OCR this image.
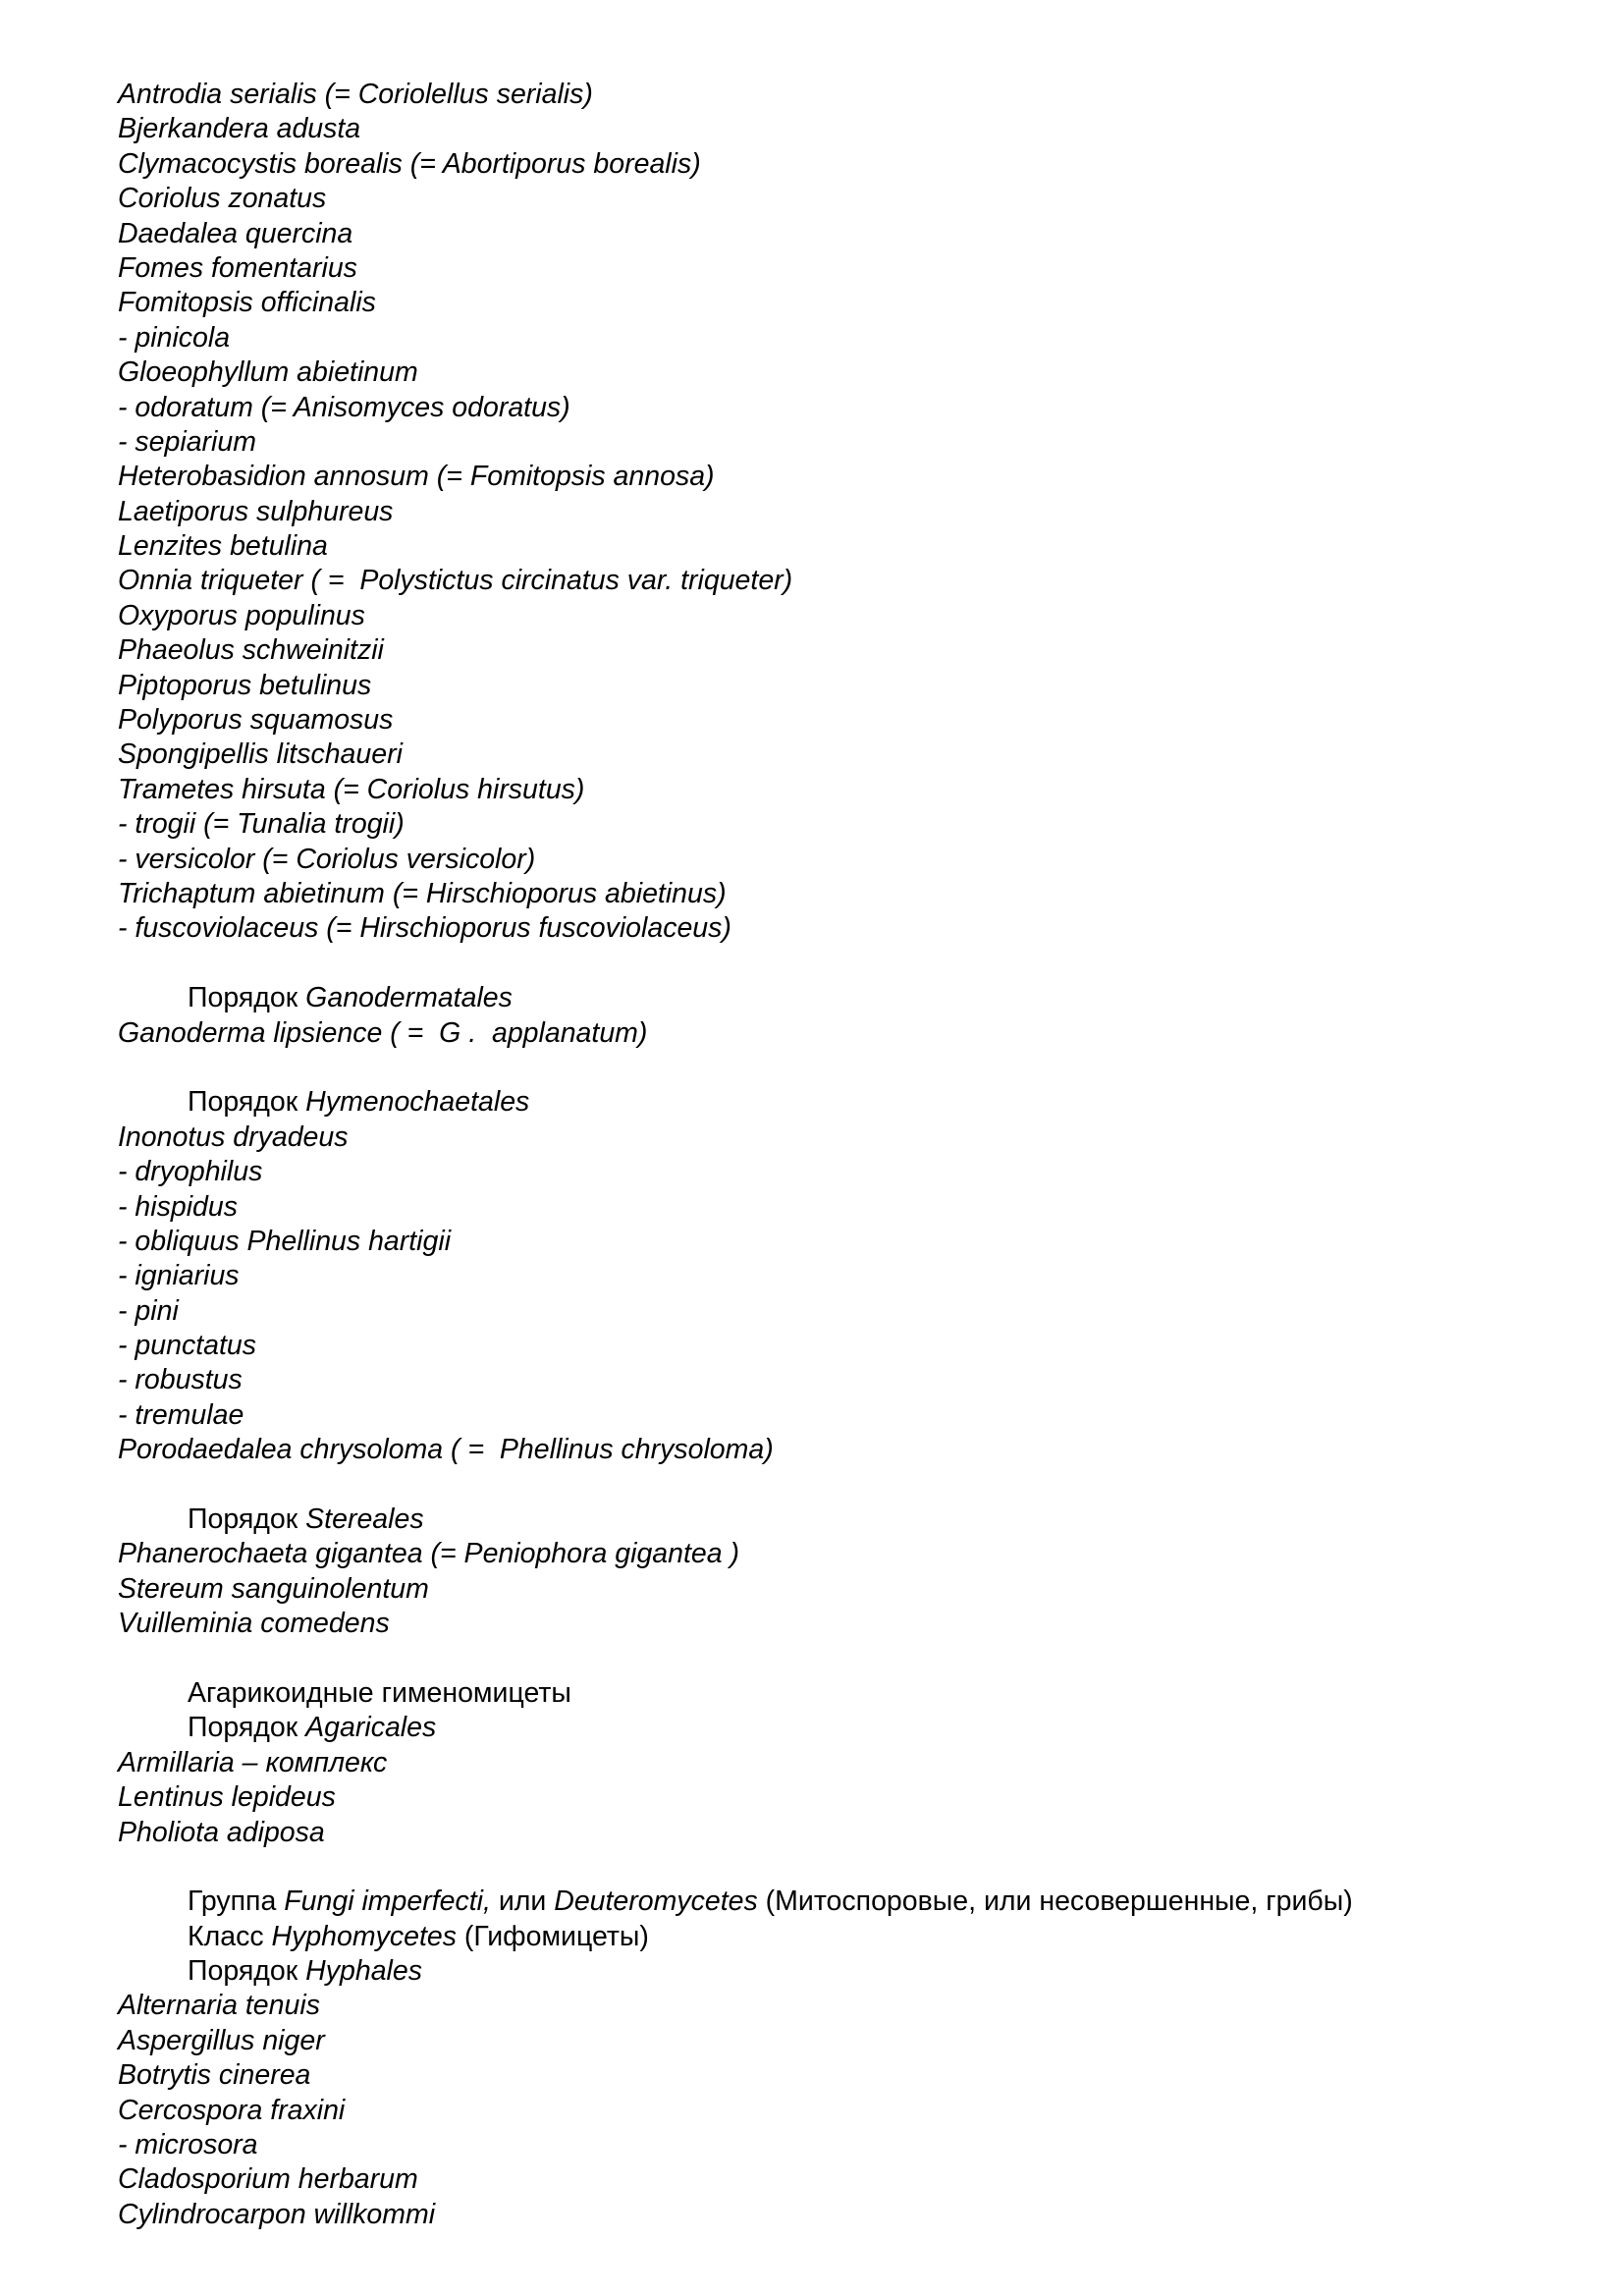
Antrodia serialis (= Coriolellus serialis)
Bjerkandera adusta
Clymacocystis borealis (= Abortiporus borealis)
Coriolus zonatus
Daedalea quercina
Fomes fomentarius
Fomitopsis officinalis
- pinicola
Gloeophyllum abietinum
- odoratum (= Anisomyces odoratus)
- sepiarium
Heterobasidion annosum (= Fomitopsis annosa)
Laetiporus sulphureus
Lenzites betulina
Onnia triqueter ( =  Polystictus circinatus var. triqueter)
Oxyporus populinus
Phaeolus schweinitzii
Piptoporus betulinus
Polyporus squamosus
Spongipellis litschaueri
Trametes hirsuta (= Coriolus hirsutus)
- trogii (= Tunalia trogii)
- versicolor (= Coriolus versicolor)
Trichaptum abietinum (= Hirschioporus abietinus)
- fuscoviolaceus (= Hirschioporus fuscoviolaceus)
Порядок Ganodermatales
Ganoderma lipsience ( =  G .  applanatum)
Порядок Hymenochaetales
Inonotus dryadeus
- dryophilus
- hispidus
- obliquus Phellinus hartigii
- igniarius
- pini
- punctatus
- robustus
- tremulae
Porodaedalea chrysoloma ( =  Phellinus chrysoloma)
Порядок Stereales
Phanerochaeta gigantea (= Peniophora gigantea )
Stereum sanguinolentum
Vuilleminia comedens
Агарикоидные гименомицеты
Порядок Agaricales
Armillaria – комплекс
Lentinus lepideus
Pholiota adiposa
Группа Fungi imperfecti, или Deuteromycetes (Митоспоровые, или несовершенные, грибы)
Класс Hyphomycetes (Гифомицеты)
Порядок Hyphales
Alternaria tenuis
Aspergillus niger
Botrytis cinerea
Cercospora fraxini
- microsora
Cladosporium herbarum
Cylindrocarpon willkommi
